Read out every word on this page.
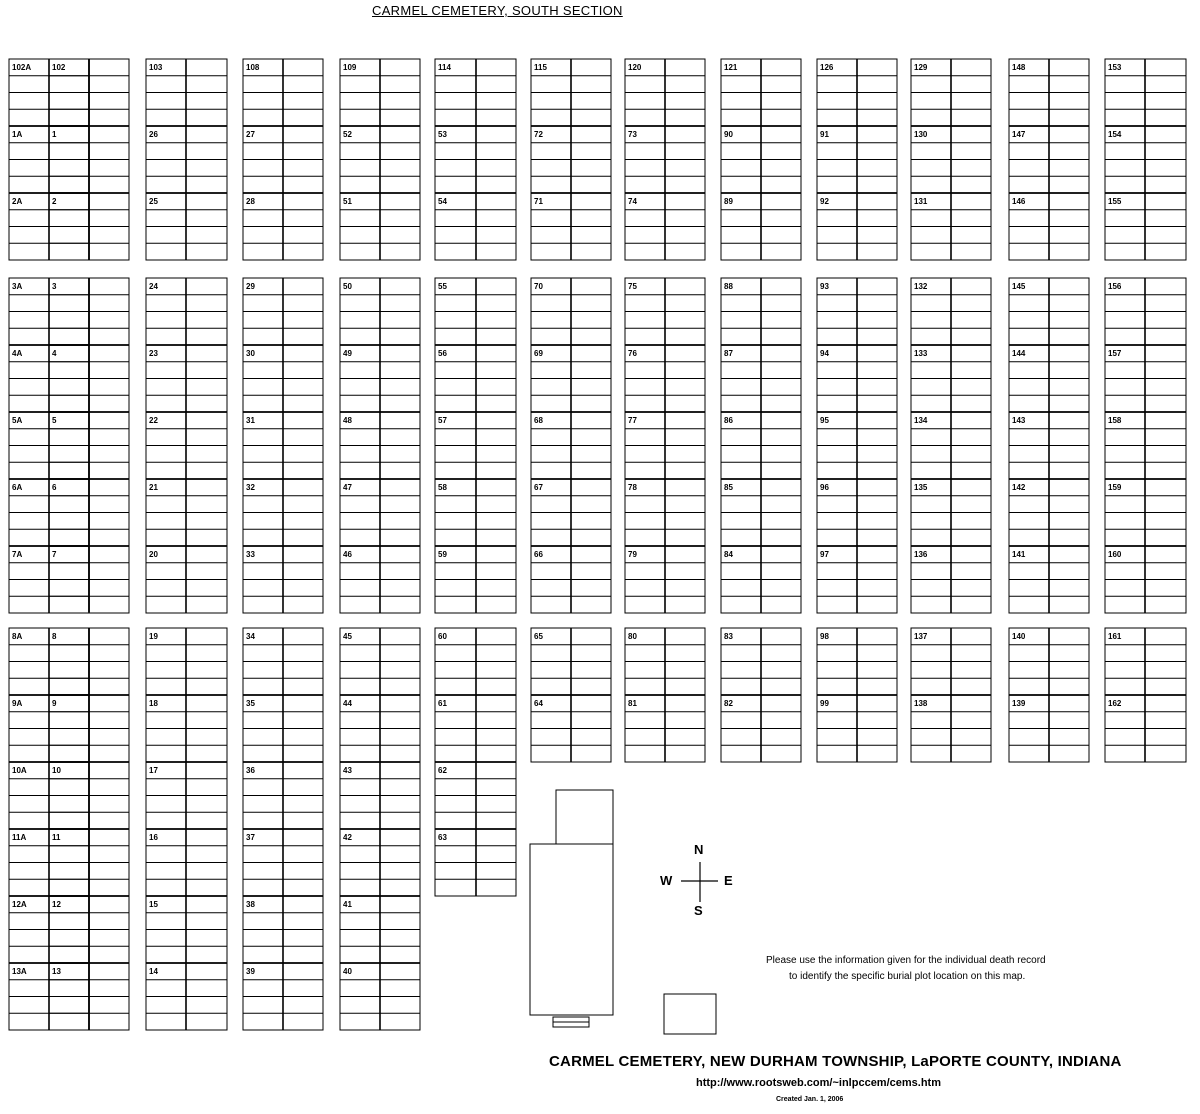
102A
1A
2A
102
1
2
103
26
25
108
27
28
109
52
51
114
53
54
115
72
71
120
73
74
121
90
89
126
91
92
129
130
131
148
147
146
153
154
155
3A
4A
5A
6A
7A
3
4
5
6
7
24
23
22
21
20
29
30
31
32
33
50
49
48
47
46
55
56
57
58
59
70
69
68
67
66
75
76
77
78
79
88
87
86
85
84
93
94
95
96
97
132
133
134
135
136
145
144
143
142
141
156
157
158
159
160
8A
9A
10A
11A
12A
13A
8
9
10
11
12
13
19
18
17
16
15
14
34
35
36
37
38
39
45
44
43
42
41
40
60
61
62
63
65
64
80
81
83
82
98
99
137
138
140
139
161
162
CARMEL CEMETERY, SOUTH SECTION
N
S
W	E
Please use the information given for the individual death record
to identify the specific burial plot location on this map.
CARMEL CEMETERY, NEW DURHAM TOWNSHIP, LaPORTE COUNTY, INDIANA
http://www.rootsweb.com/~inlpccem/cems.htm
Created Jan. 1, 2006
